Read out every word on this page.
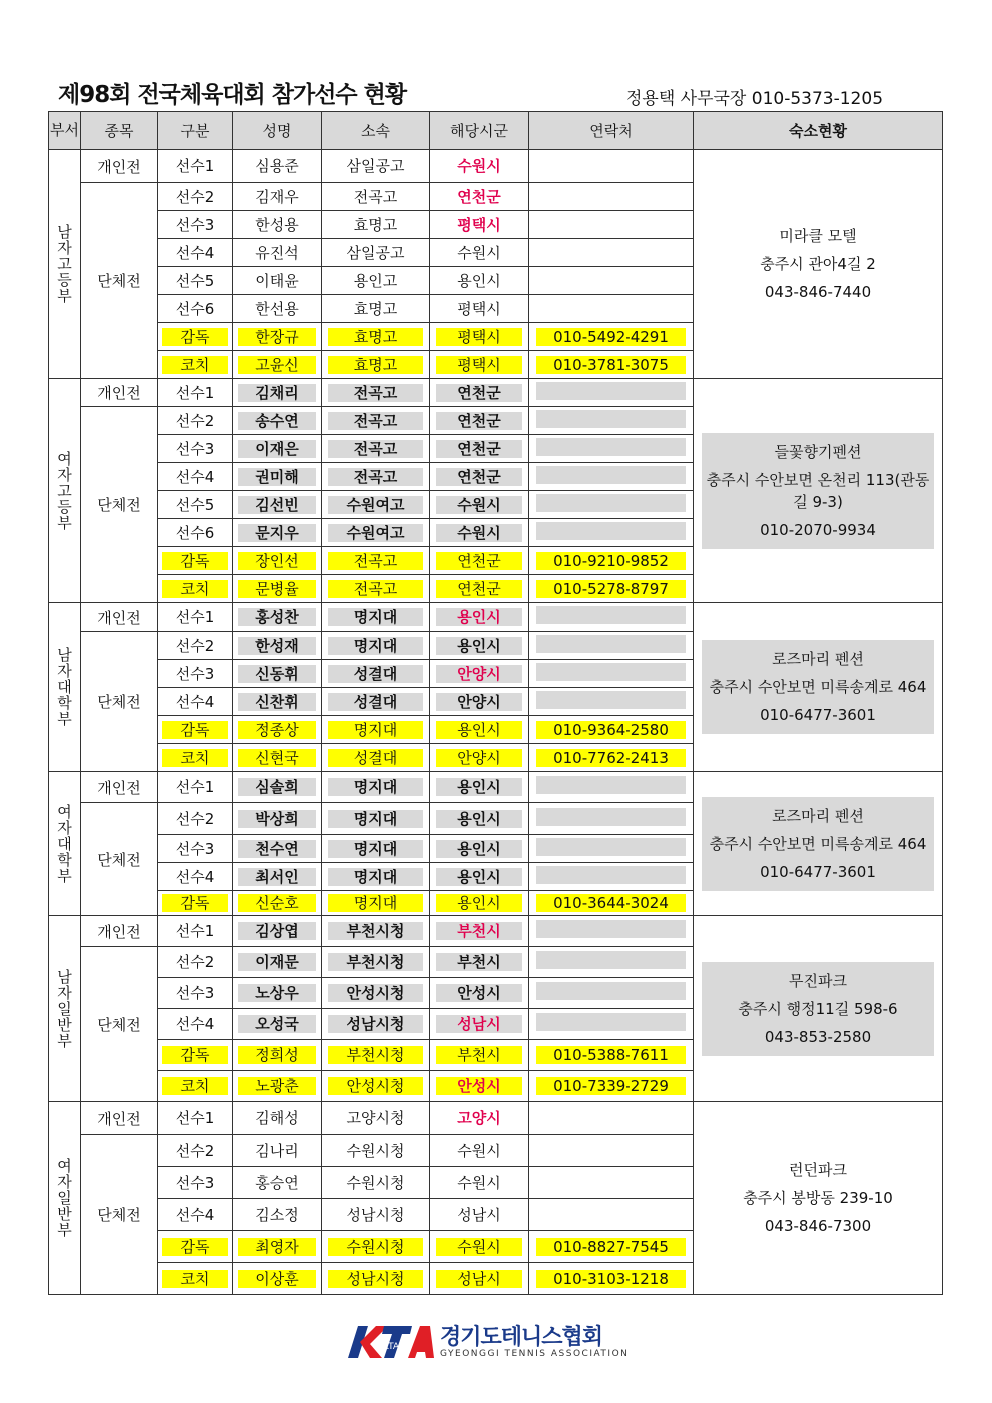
제98회 전국체육대회 참가선수 현황	정용택 사무국장 010-5373-1205
부서	종목	구분	성명	소속	해당시군	연락처	숙소현황
남자고등부	개인전	선수1	심용준	삼일공고	수원시		미라클 모텔

충주시 관아4길 2

043-846-7440

	단체전	선수2	김재우	전곡고	연천군		
		선수3	한성용	효명고	평택시		
		선수4	유진석	삼일공고	수원시		
		선수5	이태윤	용인고	용인시		
		선수6	한선용	효명고	평택시		
		감독	한장규	효명고	평택시	010-5492-4291	
		코치	고윤신	효명고	평택시	010-3781-3075	
여자고등부	개인전	선수1	김채리	전곡고	연천군		들꽃향기펜션

충주시 수안보면 온천리 113(관동길 9-3)

010-2070-9934

	단체전	선수2	송수연	전곡고	연천군		
		선수3	이재은	전곡고	연천군		
		선수4	권미해	전곡고	연천군		
		선수5	김선빈	수원여고	수원시		
		선수6	문지우	수원여고	수원시		
		감독	장인선	전곡고	연천군	010-9210-9852	
		코치	문병율	전곡고	연천군	010-5278-8797	
남자대학부	개인전	선수1	홍성찬	명지대	용인시		로즈마리 펜션

충주시 수안보면 미륵송계로 464

010-6477-3601

	단체전	선수2	한성재	명지대	용인시		
		선수3	신동휘	성결대	안양시		
		선수4	신찬휘	성결대	안양시		
		감독	정종상	명지대	용인시	010-9364-2580	
		코치	신현국	성결대	안양시	010-7762-2413	
여자대학부	개인전	선수1	심솔희	명지대	용인시		로즈마리 펜션

충주시 수안보면 미륵송계로 464

010-6477-3601

	단체전	선수2	박상희	명지대	용인시		
		선수3	천수연	명지대	용인시		
		선수4	최서인	명지대	용인시		
		감독	신순호	명지대	용인시	010-3644-3024	
남자일반부	개인전	선수1	김상엽	부천시청	부천시		무진파크

충주시 행정11길 598-6

043-853-2580

	단체전	선수2	이재문	부천시청	부천시		
		선수3	노상우	안성시청	안성시		
		선수4	오성국	성남시청	성남시		
		감독	정희성	부천시청	부천시	010-5388-7611	
		코치	노광춘	안성시청	안성시	010-7339-2729	
여자일반부	개인전	선수1	김해성	고양시청	고양시		런던파크

충주시 봉방동 239-10

043-846-7300

	단체전	선수2	김나리	수원시청	수원시		
		선수3	홍승연	수원시청	수원시		
		선수4	김소정	성남시청	성남시		
		감독	최영자	수원시청	수원시	010-8827-7545	
		코치	이상훈	성남시청	성남시	010-3103-1218	
KTA 경기도테니스협회
GYEONGGI TENNIS ASSOCIATION
